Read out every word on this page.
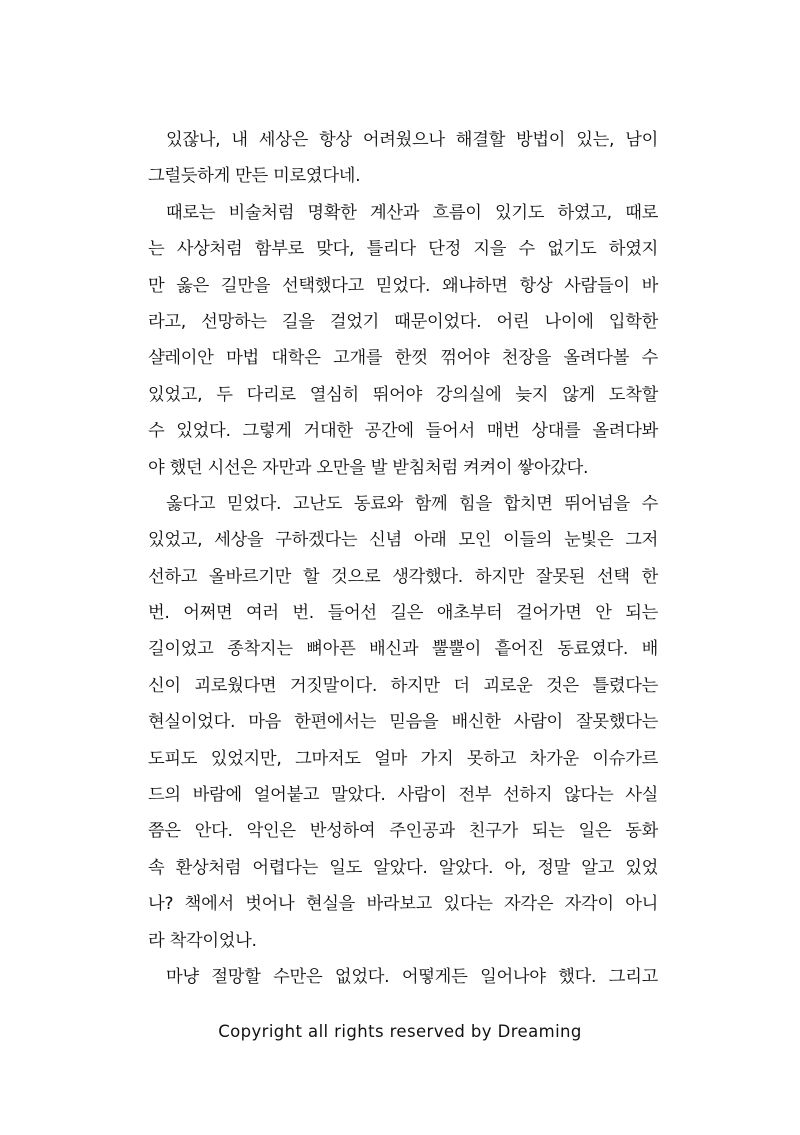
있잖나, 내 세상은 항상 어려웠으나 해결할 방법이 있는, 남이
그럴듯하게 만든 미로였다네.
때로는 비술처럼 명확한 계산과 흐름이 있기도 하였고, 때로
는 사상처럼 함부로 맞다, 틀리다 단정 지을 수 없기도 하였지
만 옳은 길만을 선택했다고 믿었다. 왜냐하면 항상 사람들이 바
라고, 선망하는 길을 걸었기 때문이었다. 어린 나이에 입학한
샬레이안 마법 대학은 고개를 한껏 꺾어야 천장을 올려다볼 수
있었고, 두 다리로 열심히 뛰어야 강의실에 늦지 않게 도착할
수 있었다. 그렇게 거대한 공간에 들어서 매번 상대를 올려다봐
야 했던 시선은 자만과 오만을 발 받침처럼 켜켜이 쌓아갔다.
옳다고 믿었다. 고난도 동료와 함께 힘을 합치면 뛰어넘을 수
있었고, 세상을 구하겠다는 신념 아래 모인 이들의 눈빛은 그저
선하고 올바르기만 할 것으로 생각했다. 하지만 잘못된 선택 한
번. 어쩌면 여러 번. 들어선 길은 애초부터 걸어가면 안 되는
길이었고 종착지는 뼈아픈 배신과 뿔뿔이 흩어진 동료였다. 배
신이 괴로웠다면 거짓말이다. 하지만 더 괴로운 것은 틀렸다는
현실이었다. 마음 한편에서는 믿음을 배신한 사람이 잘못했다는
도피도 있었지만, 그마저도 얼마 가지 못하고 차가운 이슈가르
드의 바람에 얼어붙고 말았다. 사람이 전부 선하지 않다는 사실
쯤은 안다. 악인은 반성하여 주인공과 친구가 되는 일은 동화
속 환상처럼 어렵다는 일도 알았다. 알았다. 아, 정말 알고 있었
나? 책에서 벗어나 현실을 바라보고 있다는 자각은 자각이 아니
라 착각이었나.
마냥 절망할 수만은 없었다. 어떻게든 일어나야 했다. 그리고
Copyright all rights reserved by Dreaming
